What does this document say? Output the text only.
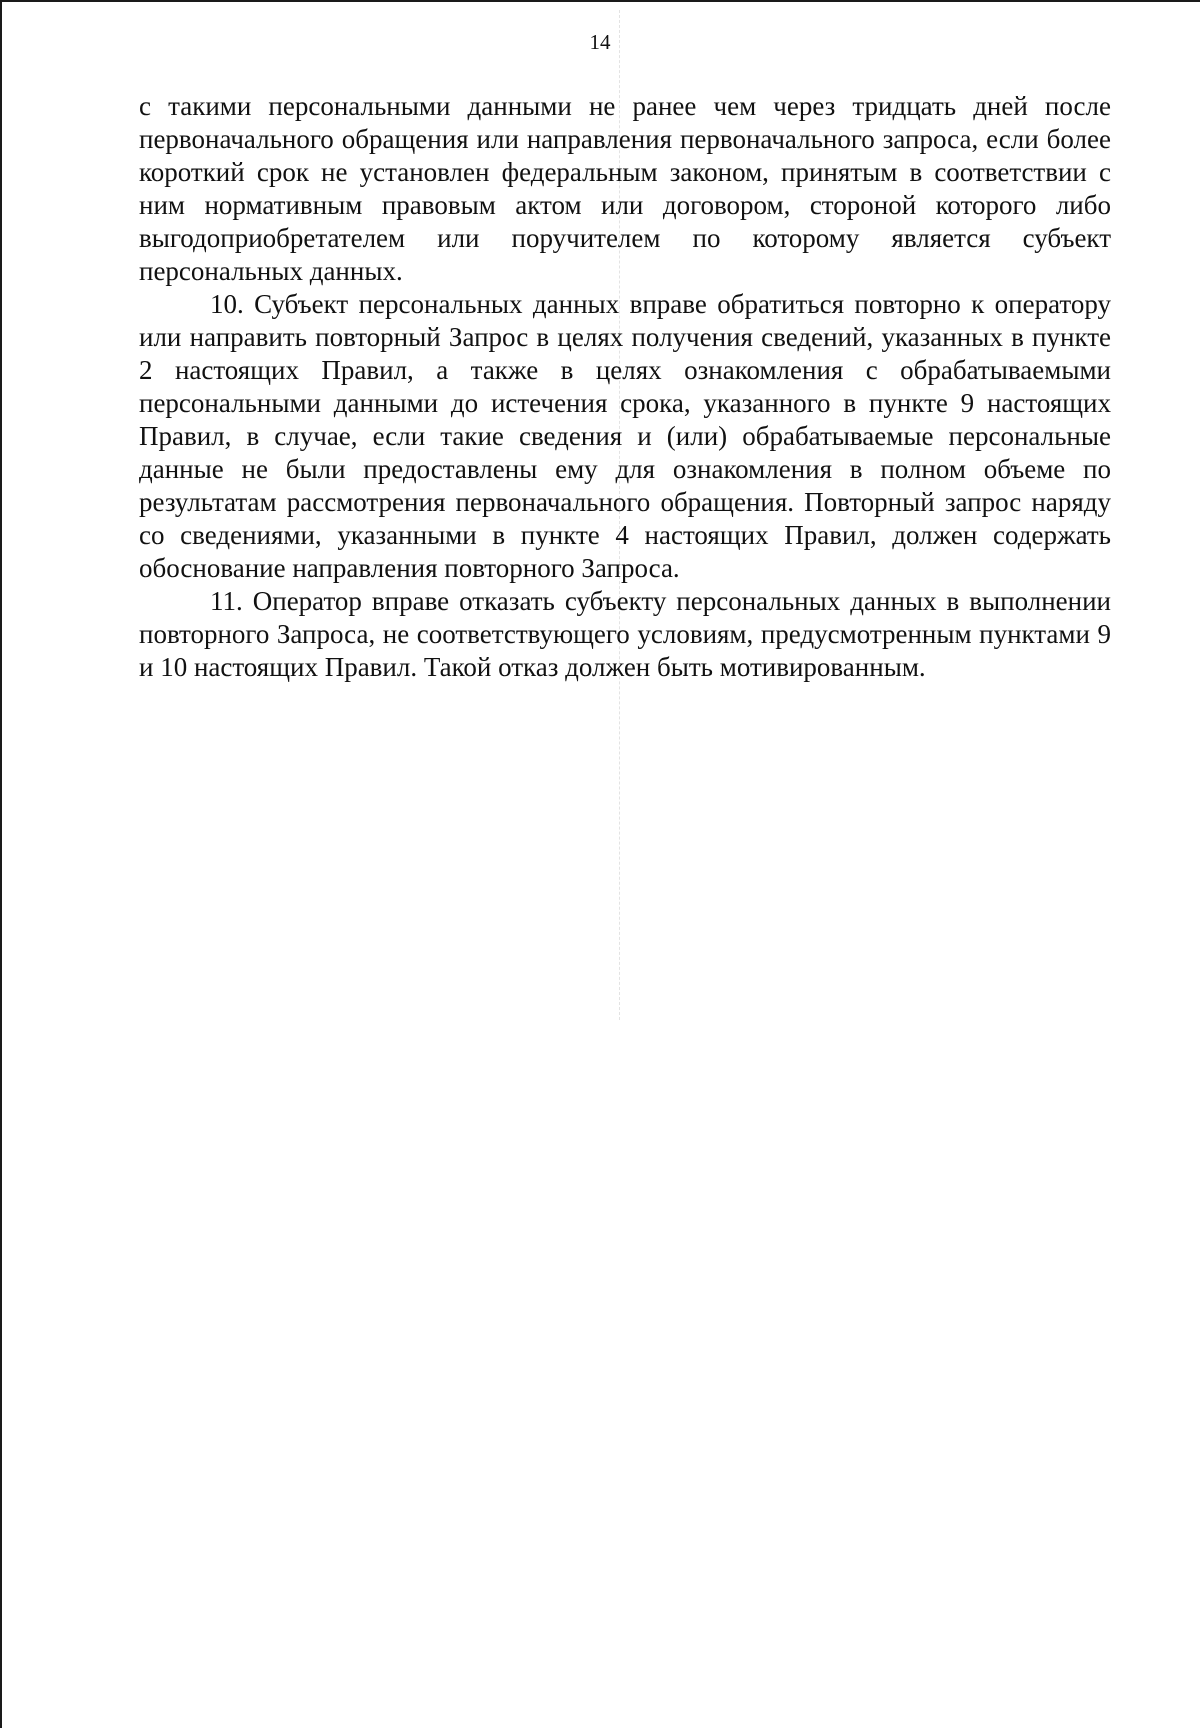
14

с такими персональными данными не ранее чем через тридцать дней после первоначального обращения или направления первоначального запроса, если более короткий срок не установлен федеральным законом, принятым в соответствии с ним нормативным правовым актом или договором, стороной которого либо выгодоприобретателем или поручителем по которому является субъект персональных данных.

10. Субъект персональных данных вправе обратиться повторно к оператору или направить повторный Запрос в целях получения сведений, указанных в пункте 2 настоящих Правил, а также в целях ознакомления с обрабатываемыми персональными данными до истечения срока, указанного в пункте 9 настоящих Правил, в случае, если такие сведения и (или) обрабатываемые персональные данные не были предоставлены ему для ознакомления в полном объеме по результатам рассмотрения первоначального обращения. Повторный запрос наряду со сведениями, указанными в пункте 4 настоящих Правил, должен содержать обоснование направления повторного Запроса.

11. Оператор вправе отказать субъекту персональных данных в выполнении повторного Запроса, не соответствующего условиям, предусмотренным пунктами 9 и 10 настоящих Правил. Такой отказ должен быть мотивированным.
